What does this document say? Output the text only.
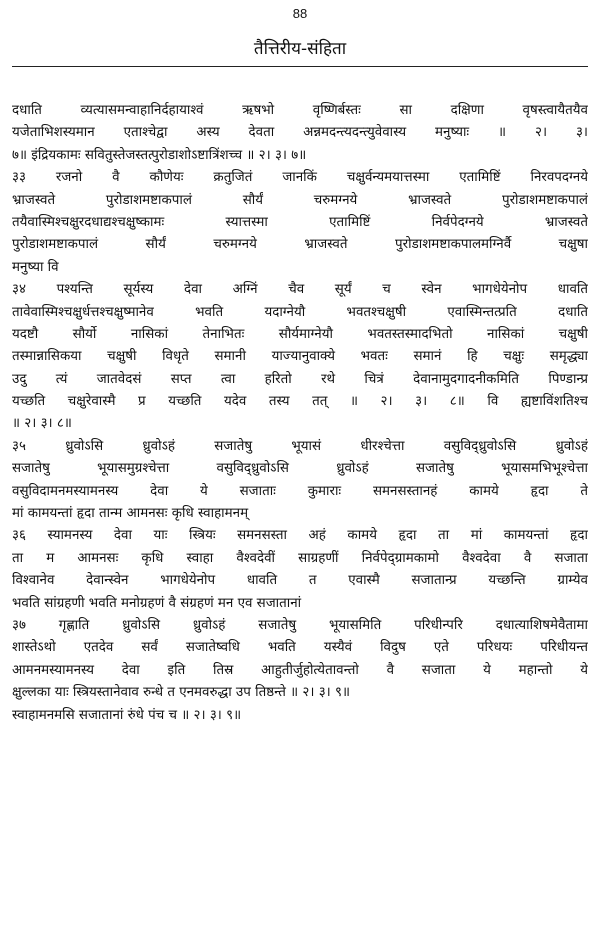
88
तैत्तिरीय-संहिता
दधाति व्यत्यासमन्वाहानिर्दहायाश्वं ऋषभो वृष्णिर्बस्तः सा दक्षिणा वृषस्त्वायैतयैव
यजेताभिशस्यमान एताश्चेद्वा अस्य देवता अन्नमदन्त्यदन्त्युवेवास्य मनुष्याः ॥ २। ३।
७॥ इंद्रियकामः सवितुस्तेजस्तत्पुरोडाशोऽष्टात्रिंशच्च ॥ २। ३। ७॥
३३ रजनो वै कौणेयः क्रतुजितं जानकिं चक्षुर्वन्यमयात्तस्मा एतामिष्टिं निरवपदग्नये
भ्राजस्वते पुरोडाशमष्टाकपालं सौर्यं चरुमग्नये भ्राजस्वते पुरोडाशमष्टाकपालं
तयैवास्मिश्चक्षुरदधाद्यश्चक्षुष्कामः स्यात्तस्मा एतामिष्टिं निर्वपेदग्नये भ्राजस्वते
पुरोडाशमष्टाकपालं सौर्यं चरुमग्नये भ्राजस्वते पुरोडाशमष्टाकपालमग्निर्वै चक्षुषा
मनुष्या वि
३४ पश्यन्ति सूर्यस्य देवा अग्निं चैव सूर्यं च स्वेन भागधेयेनोप धावति
तावेवास्मिश्चक्षुर्धत्तश्चक्षुष्मानेव भवति यदाग्नेयौ भवतश्चक्षुषी एवास्मिन्तत्प्रति दधाति
यदष्टौ सौर्यो नासिकां तेनाभितः सौर्यमाग्नेयौ भवतस्तस्मादभितो नासिकां चक्षुषी
तस्मान्नासिकया चक्षुषी विधृते समानी याज्यानुवाक्ये भवतः समानं हि चक्षुः समृद्ध्या
उदु त्यं जातवेदसं सप्त त्वा हरितो रथे चित्रं देवानामुदगादनीकमिति पिण्डान्प्र
यच्छति चक्षुरेवास्मै प्र यच्छति यदेव तस्य तत् ॥ २। ३। ८॥ वि ह्यष्टाविंशतिश्च
॥ २। ३। ८॥
३५ ध्रुवोऽसि ध्रुवोऽहं सजातेषु भूयासं धीरश्चेत्ता वसुविद्ध्रुवोऽसि ध्रुवोऽहं
सजातेषु भूयासमुग्रश्चेत्ता वसुविद्ध्रुवोऽसि ध्रुवोऽहं सजातेषु भूयासमभिभूश्चेत्ता
वसुविदामनमस्यामनस्य देवा ये सजाताः कुमाराः समनसस्तानहं कामये हृदा ते
मां कामयन्तां हृदा तान्म आमनसः कृधि स्वाहामनम्
३६ स्यामनस्य देवा याः स्त्रियः समनसस्ता अहं कामये हृदा ता मां कामयन्तां हृदा
ता म आमनसः कृधि स्वाहा वैश्वदेवीं साग्रहणीं निर्वपेद्ग्रामकामो वैश्वदेवा वै सजाता
विश्वानेव देवान्स्वेन भागधेयेनोप धावति त एवास्मै सजातान्प्र यच्छन्ति ग्राम्येव
भवति सांग्रहणी भवति मनोग्रहणं वै संग्रहणं मन एव सजातानां
३७ गृह्णाति ध्रुवोऽसि ध्रुवोऽहं सजातेषु भूयासमिति परिधीन्परि दधात्याशिषमेवैतामा
शास्तेऽथो एतदेव सर्वं सजातेष्वधि भवति यस्यैवं विदुष एते परिधयः परिधीयन्त
आमनमस्यामनस्य देवा इति तिस्र आहुतीर्जुहोत्येतावन्तो वै सजाता ये महान्तो ये
क्षुल्लका याः स्त्रियस्तानेवाव रुन्धे त एनमवरुद्धा उप तिष्ठन्ते ॥ २। ३। ९॥
स्वाहामनमसि सजातानां रुंधे पंच च ॥ २। ३। ९॥
